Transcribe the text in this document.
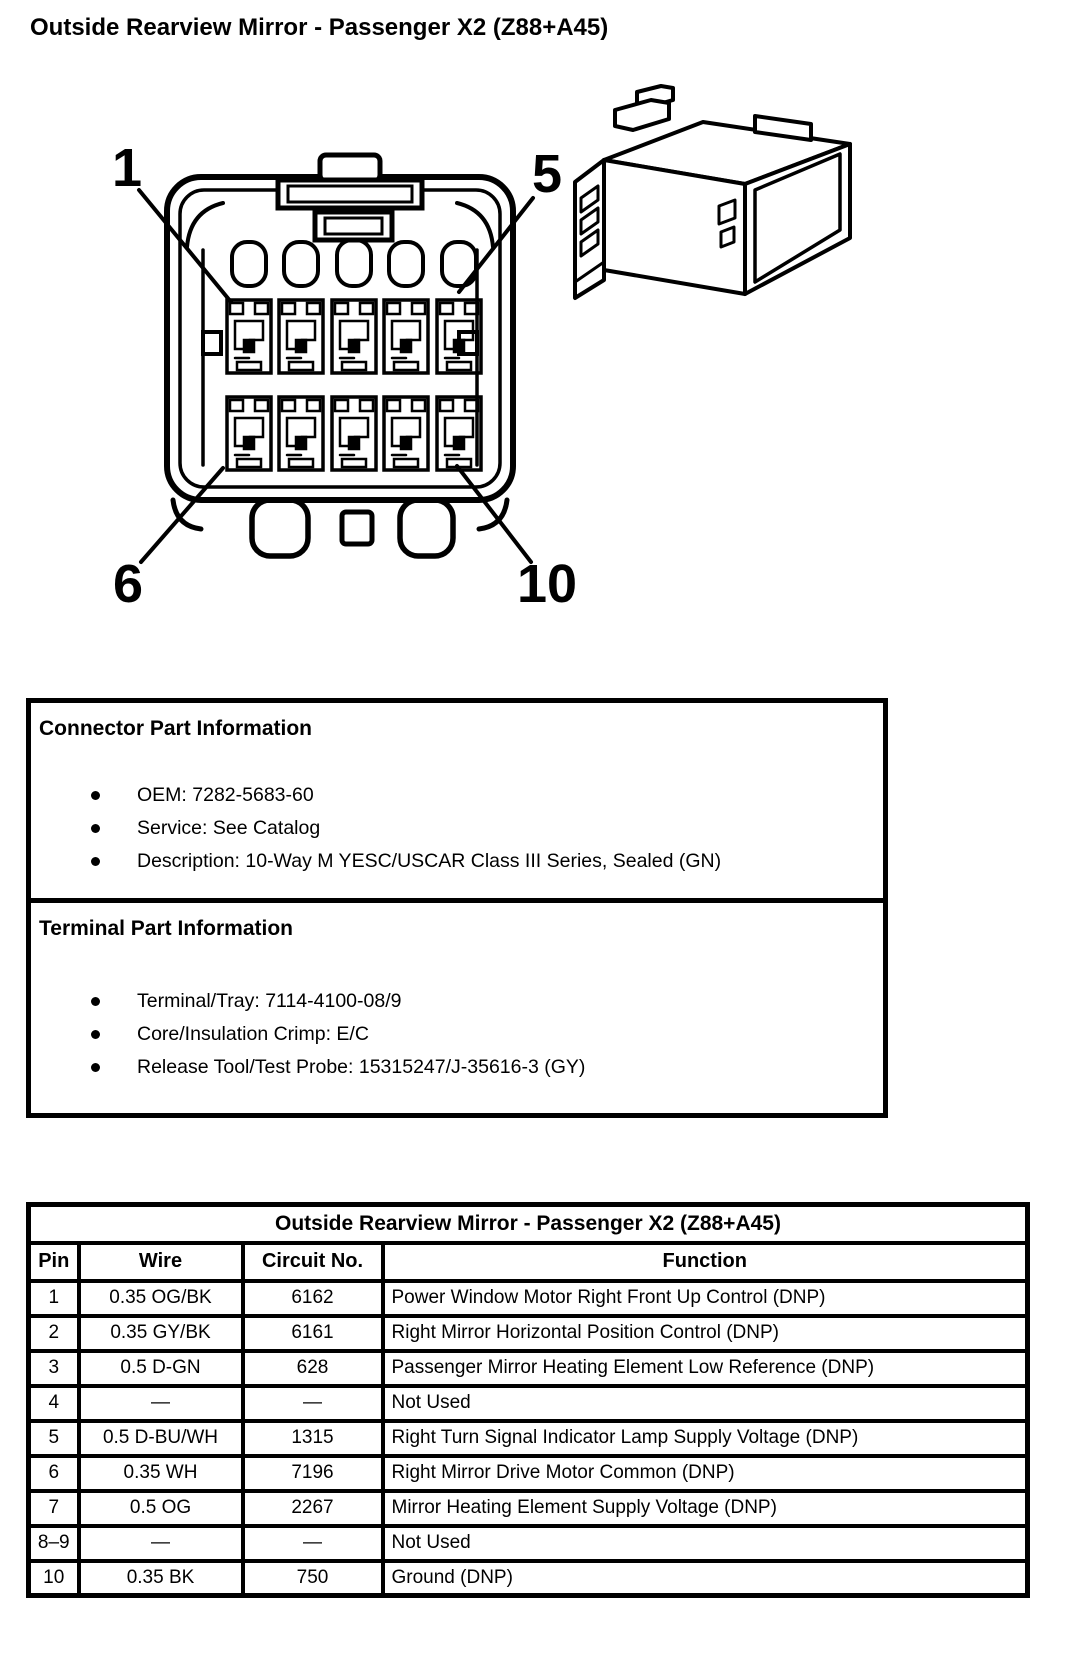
Outside Rearview Mirror - Passenger X2 (Z88+A45)
1	5
6	10
Connector Part Information
OEM: 7282-5683-60
Service: See Catalog
Description: 10-Way M YESC/USCAR Class III Series, Sealed (GN)
Terminal Part Information
Terminal/Tray: 7114-4100-08/9
Core/Insulation Crimp: E/C
Release Tool/Test Probe: 15315247/J-35616-3 (GY)
Outside Rearview Mirror - Passenger X2 (Z88+A45)			
Pin	Wire	Circuit No.	Function
1	0.35 OG/BK	6162	Power Window Motor Right Front Up Control (DNP)
2	0.35 GY/BK	6161	Right Mirror Horizontal Position Control (DNP)
3	0.5 D-GN	628	Passenger Mirror Heating Element Low Reference (DNP)
4	—	—	Not Used
5	0.5 D-BU/WH	1315	Right Turn Signal Indicator Lamp Supply Voltage (DNP)
6	0.35 WH	7196	Right Mirror Drive Motor Common (DNP)
7	0.5 OG	2267	Mirror Heating Element Supply Voltage (DNP)
8–9	—	—	Not Used
10	0.35 BK	750	Ground (DNP)
